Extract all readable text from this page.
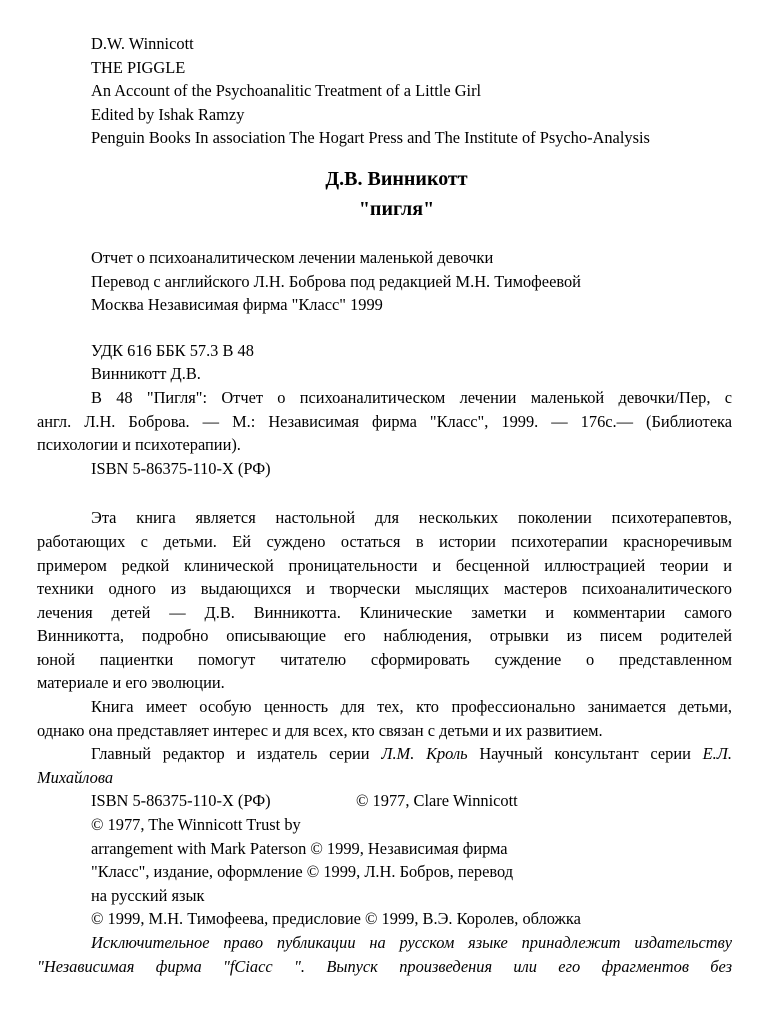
D.W. Winnicott
THE PIGGLE
An Account of the Psychoanalitic Treatment of a Little Girl
Edited by Ishak Ramzy
Penguin Books In association The Hogart Press and The Institute of Psycho-Analysis
Д.В. Винникотт
"пигля"
Отчет о психоаналитическом лечении маленькой девочки
Перевод с английского Л.Н. Боброва под редакцией М.Н. Тимофеевой
Москва Независимая фирма "Класс" 1999
УДК 616 ББК 57.3 В 48
Винникотт Д.В.
В 48 "Пигля": Отчет о психоаналитическом лечении маленькой девочки/Пер, с
англ. Л.Н. Боброва. — М.: Независимая фирма "Класс", 1999. — 176с.— (Библиотека
психологии и психотерапии).
ISBN 5-86375-110-X (РФ)
Эта книга является настольной для нескольких поколении психотерапевтов,
работающих с детьми. Ей суждено остаться в истории психотерапии красноречивым
примером редкой клинической проницательности и бесценной иллюстрацией теории и
техники одного из выдающихся и творчески мыслящих мастеров психоаналитического
лечения детей — Д.В. Винникотта. Клинические заметки и комментарии самого
Винникотта, подробно описывающие его наблюдения, отрывки из писем родителей
юной пациентки помогут читателю сформировать суждение о представленном
материале и его эволюции.
Книга имеет особую ценность для тех, кто профессионально занимается детьми,
однако она представляет интерес и для всех, кто связан с детьми и их развитием.
Главный редактор и издатель серии Л.М. Кроль Научный консультант серии Е.Л.
Михайлова
ISBN 5-86375-110-X (РФ)	© 1977, Clare Winnicott
© 1977, The Winnicott Trust by
arrangement with Mark Paterson © 1999, Независимая фирма
"Класс", издание, оформление © 1999, Л.Н. Бобров, перевод
на русский язык
© 1999, М.Н. Тимофеева, предисловие © 1999, В.Э. Королев, обложка
Исключительное право публикации на русском языке принадлежит издательству
"Независимая фирма "fCiacc ". Выпуск произведения или его фрагментов без
